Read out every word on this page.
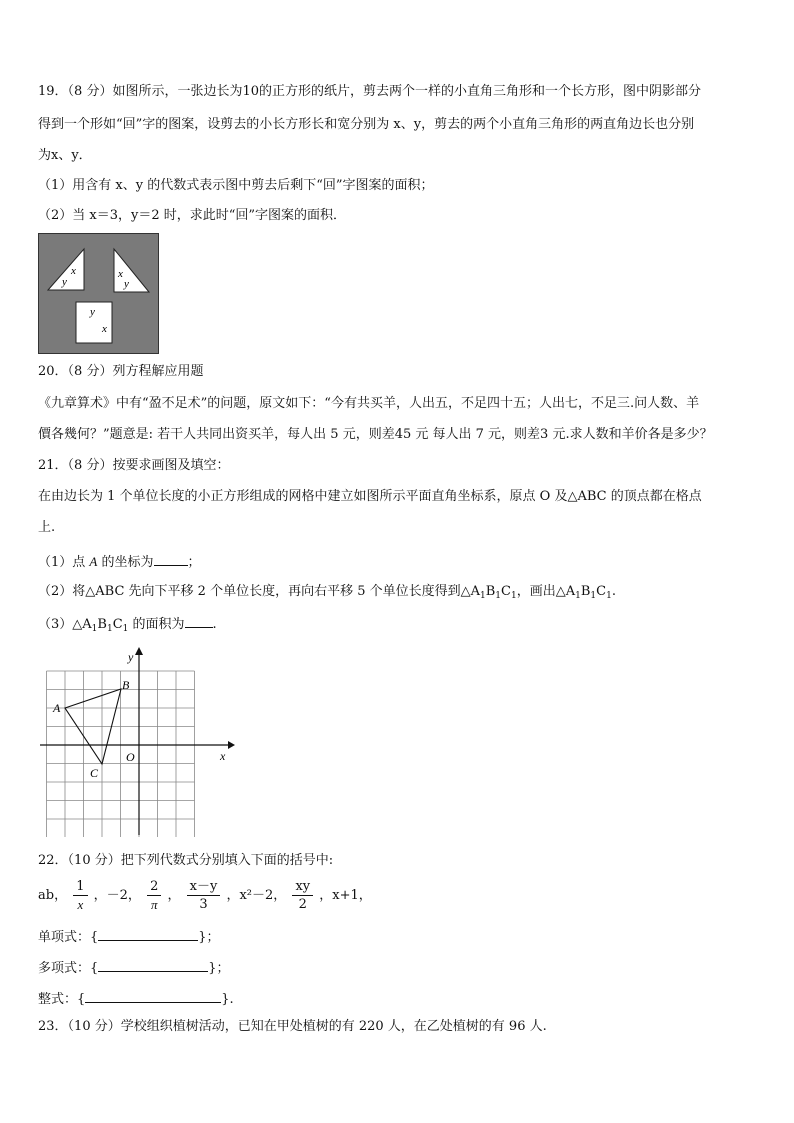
19．（8 分）如图所示，一张边长为10的正方形的纸片，剪去两个一样的小直角三角形和一个长方形，图中阴影部分
得到一个形如“回”字的图案，设剪去的小长方形长和宽分别为 x、y，剪去的两个小直角三角形的两直角边长也分别
为x、y．
（1）用含有 x、y 的代数式表示图中剪去后剩下“回”字图案的面积；
（2）当 x＝3，y＝2 时，求此时“回”字图案的面积．
x
y
x
y
y
x
20．（8 分）列方程解应用题
《九章算术》中有“盈不足术”的问题，原文如下：“今有共买羊，人出五，不足四十五；人出七，不足三.问人数、羊
價各幾何？”题意是: 若干人共同出资买羊，每人出 5 元，则差45 元 每人出 7 元，则差3 元.求人数和羊价各是多少？
21．（8 分）按要求画图及填空：
在由边长为 1 个单位长度的小正方形组成的网格中建立如图所示平面直角坐标系，原点 O 及△ABC 的顶点都在格点
上.
（1）点 A 的坐标为	；
（2）将△ABC 先向下平移 2 个单位长度，再向右平移 5 个单位长度得到$\triangle A_1B_1C_1$，画出$\triangle A_1B_1C_1$.
$(3)\triangle A_1B_1C_1$ 的面积为 .
y
x
O
A
B
C
22．（10 分）把下列代数式分别填入下面的括号中:
ab， $\frac{1}{x}$ ，－2， $\frac{2}{\pi}$ ， $\frac{x-y}{3}$ ，x²－2， $\frac{xy}{2}$ ，x+1，
单项式：{	}；
多项式：{	}；
整式：{	}.
23．（10 分）学校组织植树活动，已知在甲处植树的有 220 人，在乙处植树的有 96 人.
